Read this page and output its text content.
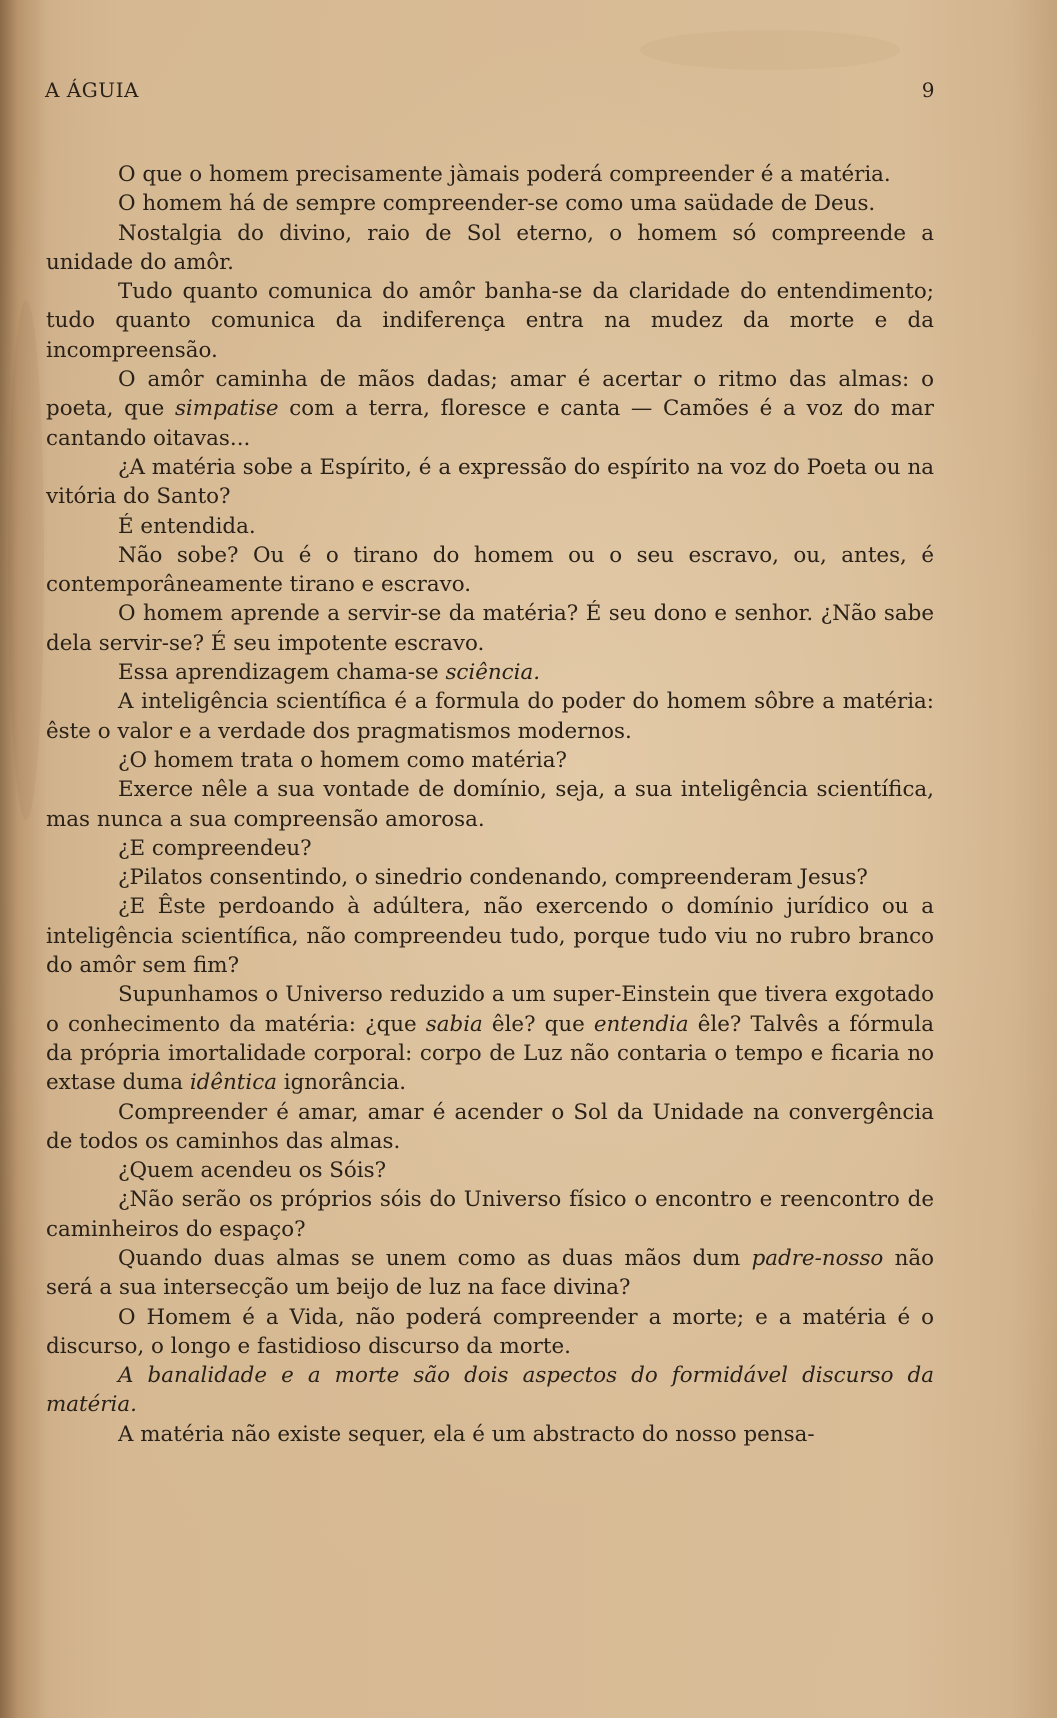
A ÁGUIA	9

O que o homem precisamente jàmais poderá compreender é a matéria.

O homem há de sempre compreender-se como uma saüdade de Deus.

Nostalgia do divino, raio de Sol eterno, o homem só compreende a unidade do amôr.

Tudo quanto comunica do amôr banha-se da claridade do entendimento; tudo quanto comunica da indiferença entra na mudez da morte e da incompreensão.

O amôr caminha de mãos dadas; amar é acertar o ritmo das almas: o poeta, que simpatise com a terra, floresce e canta — Camões é a voz do mar cantando oitavas...

¿A matéria sobe a Espírito, é a expressão do espírito na voz do Poeta ou na vitória do Santo?

É entendida.

Não sobe? Ou é o tirano do homem ou o seu escravo, ou, antes, é contemporâneamente tirano e escravo.

O homem aprende a servir-se da matéria? É seu dono e senhor. ¿Não sabe dela servir-se? É seu impotente escravo.

Essa aprendizagem chama-se sciência.

A inteligência scientífica é a formula do poder do homem sôbre a matéria: êste o valor e a verdade dos pragmatismos modernos.

¿O homem trata o homem como matéria?

Exerce nêle a sua vontade de domínio, seja, a sua inteligência scientífica, mas nunca a sua compreensão amorosa.

¿E compreendeu?

¿Pilatos consentindo, o sinedrio condenando, compreenderam Jesus?

¿E Êste perdoando à adúltera, não exercendo o domínio jurídico ou a inteligência scientífica, não compreendeu tudo, porque tudo viu no rubro branco do amôr sem fim?

Supunhamos o Universo reduzido a um super-Einstein que tivera exgotado o conhecimento da matéria: ¿que sabia êle? que entendia êle? Talvês a fórmula da própria imortalidade corporal: corpo de Luz não contaria o tempo e ficaria no extase duma idêntica ignorância.

Compreender é amar, amar é acender o Sol da Unidade na convergência de todos os caminhos das almas.

¿Quem acendeu os Sóis?

¿Não serão os próprios sóis do Universo físico o encontro e reencontro de caminheiros do espaço?

Quando duas almas se unem como as duas mãos dum padre-nosso não será a sua intersecção um beijo de luz na face divina?

O Homem é a Vida, não poderá compreender a morte; e a matéria é o discurso, o longo e fastidioso discurso da morte.

A banalidade e a morte são dois aspectos do formidável discurso da matéria.

A matéria não existe sequer, ela é um abstracto do nosso pensa-
